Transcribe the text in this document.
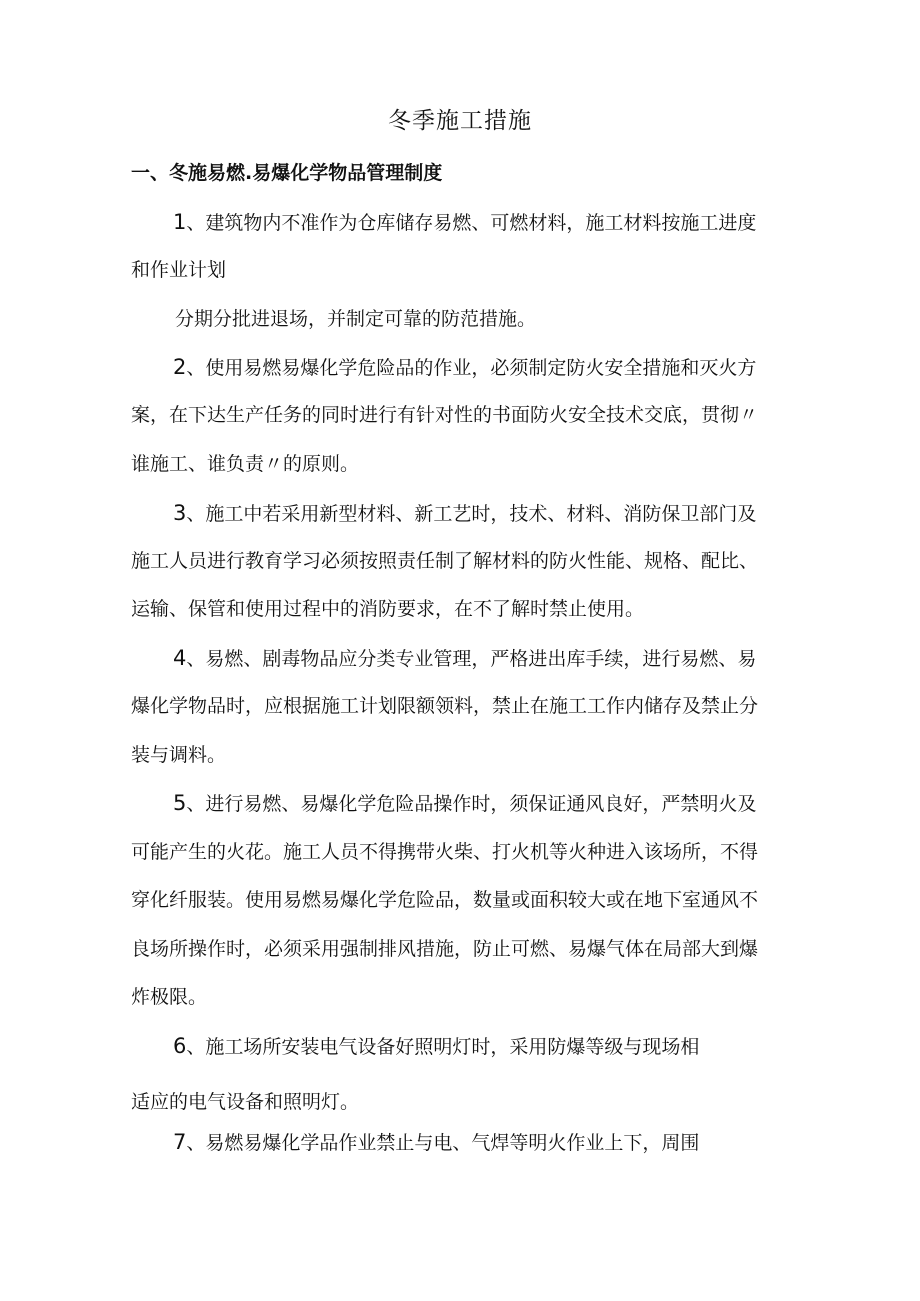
冬季施工措施
一、冬施易燃.易爆化学物品管理制度
1、建筑物内不准作为仓库储存易燃、可燃材料，施工材料按施工进度
和作业计划
分期分批进退场，并制定可靠的防范措施。
2、使用易燃易爆化学危险品的作业，必须制定防火安全措施和灭火方
案，在下达生产任务的同时进行有针对性的书面防火安全技术交底，贯彻〃
谁施工、谁负责〃的原则。
3、施工中若采用新型材料、新工艺时，技术、材料、消防保卫部门及
施工人员进行教育学习必须按照责任制了解材料的防火性能、规格、配比、
运输、保管和使用过程中的消防要求，在不了解时禁止使用。
4、易燃、剧毒物品应分类专业管理，严格进出库手续，进行易燃、易
爆化学物品时，应根据施工计划限额领料，禁止在施工工作内储存及禁止分
装与调料。
5、进行易燃、易爆化学危险品操作时，须保证通风良好，严禁明火及
可能产生的火花。施工人员不得携带火柴、打火机等火种进入该场所，不得
穿化纤服装。使用易燃易爆化学危险品，数量或面积较大或在地下室通风不
良场所操作时，必须采用强制排风措施，防止可燃、易爆气体在局部大到爆
炸极限。
6、施工场所安装电气设备好照明灯时，采用防爆等级与现场相
适应的电气设备和照明灯。
7、易燃易爆化学品作业禁止与电、气焊等明火作业上下，周围
